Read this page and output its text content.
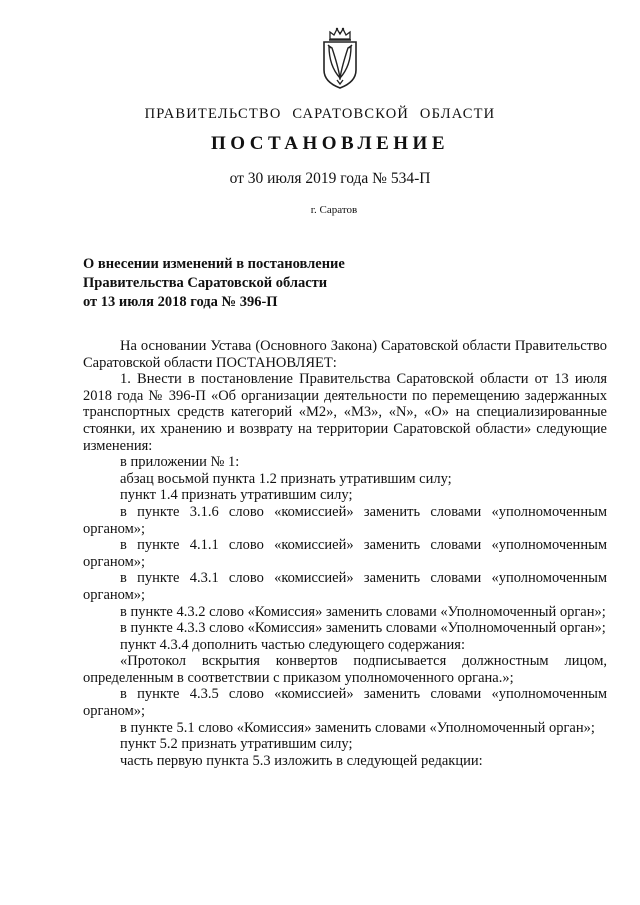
ПРАВИТЕЛЬСТВО САРАТОВСКОЙ ОБЛАСТИ
ПОСТАНОВЛЕНИЕ
от 30 июля 2019 года № 534-П
г. Саратов
О внесении изменений в постановление
Правительства Саратовской области
от 13 июля 2018 года № 396-П

На основании Устава (Основного Закона) Саратовской области Правительство Саратовской области ПОСТАНОВЛЯЕТ:

1. Внести в постановление Правительства Саратовской области от 13 июля 2018 года № 396-П «Об организации деятельности по перемещению задержанных транспортных средств категорий «М2», «М3», «N», «О» на специализированные стоянки, их хранению и возврату на территории Саратовской области» следующие изменения:

в приложении № 1:

абзац восьмой пункта 1.2 признать утратившим силу;

пункт 1.4 признать утратившим силу;

в пункте 3.1.6 слово «комиссией» заменить словами «уполномоченным органом»;

в пункте 4.1.1 слово «комиссией» заменить словами «уполномоченным органом»;

в пункте 4.3.1 слово «комиссией» заменить словами «уполномоченным органом»;

в пункте 4.3.2 слово «Комиссия» заменить словами «Уполномоченный орган»;

в пункте 4.3.3 слово «Комиссия» заменить словами «Уполномоченный орган»;

пункт 4.3.4 дополнить частью следующего содержания:

«Протокол вскрытия конвертов подписывается должностным лицом, определенным в соответствии с приказом уполномоченного органа.»;

в пункте 4.3.5 слово «комиссией» заменить словами «уполномоченным органом»;

в пункте 5.1 слово «Комиссия» заменить словами «Уполномоченный орган»;

пункт 5.2 признать утратившим силу;

часть первую пункта 5.3 изложить в следующей редакции:
